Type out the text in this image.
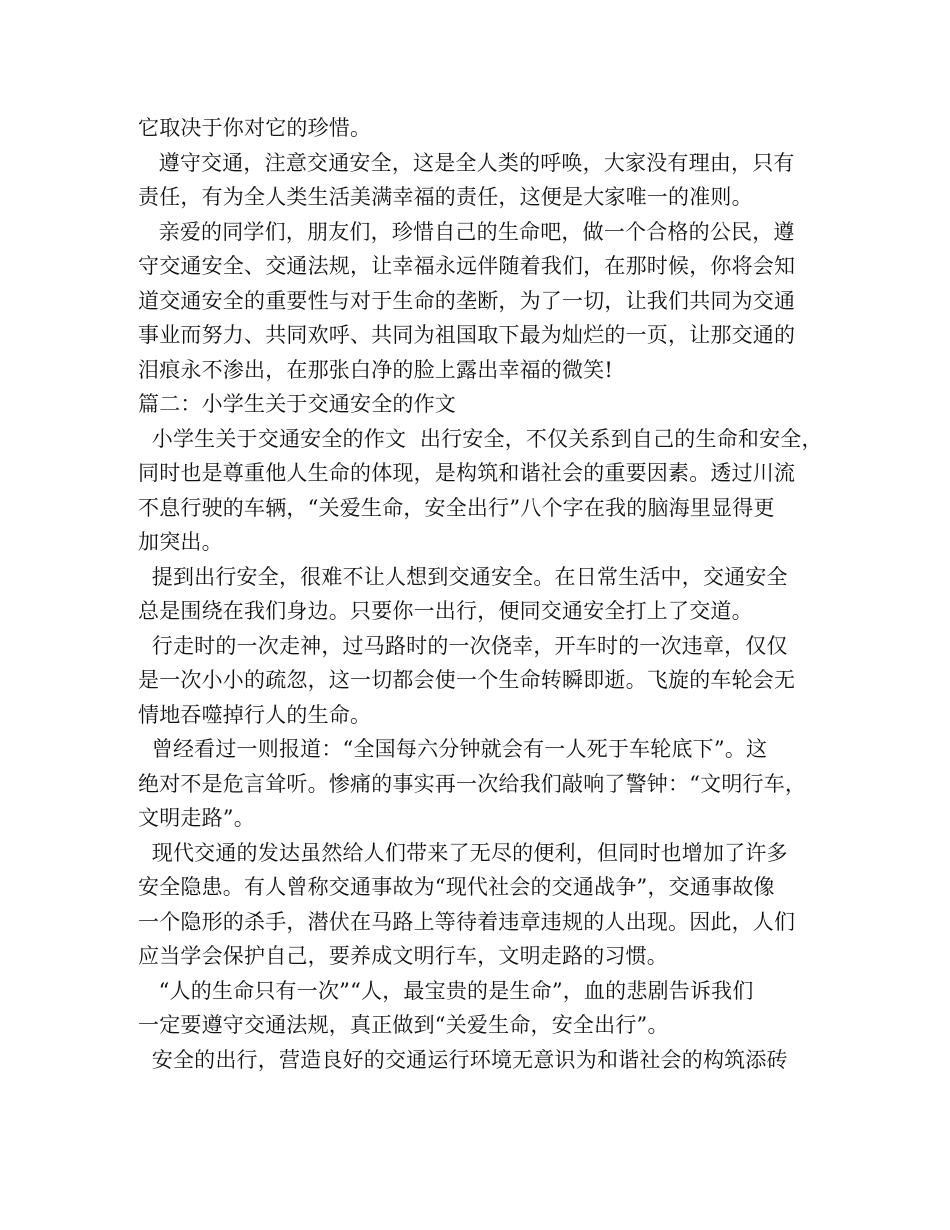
它取决于你对它的珍惜。
遵守交通，注意交通安全，这是全人类的呼唤，大家没有理由，只有
责任，有为全人类生活美满幸福的责任，这便是大家唯一的准则。
亲爱的同学们，朋友们，珍惜自己的生命吧，做一个合格的公民，遵
守交通安全、交通法规，让幸福永远伴随着我们，在那时候，你将会知
道交通安全的重要性与对于生命的垄断，为了一切，让我们共同为交通
事业而努力、共同欢呼、共同为祖国取下最为灿烂的一页，让那交通的
泪痕永不渗出，在那张白净的脸上露出幸福的微笑!
篇二：小学生关于交通安全的作文
小学生关于交通安全的作文  出行安全，不仅关系到自己的生命和安全，
同时也是尊重他人生命的体现，是构筑和谐社会的重要因素。透过川流
不息行驶的车辆，“关爱生命，安全出行”八个字在我的脑海里显得更
加突出。
提到出行安全，很难不让人想到交通安全。在日常生活中，交通安全
总是围绕在我们身边。只要你一出行，便同交通安全打上了交道。
行走时的一次走神，过马路时的一次侥幸，开车时的一次违章，仅仅
是一次小小的疏忽，这一切都会使一个生命转瞬即逝。飞旋的车轮会无
情地吞噬掉行人的生命。
曾经看过一则报道：“全国每六分钟就会有一人死于车轮底下”。这
绝对不是危言耸听。惨痛的事实再一次给我们敲响了警钟：“文明行车，
文明走路”。
现代交通的发达虽然给人们带来了无尽的便利，但同时也增加了许多
安全隐患。有人曾称交通事故为“现代社会的交通战争”，交通事故像
一个隐形的杀手，潜伏在马路上等待着违章违规的人出现。因此，人们
应当学会保护自己，要养成文明行车，文明走路的习惯。
“人的生命只有一次”“人，最宝贵的是生命”，血的悲剧告诉我们
一定要遵守交通法规，真正做到“关爱生命，安全出行”。
安全的出行，营造良好的交通运行环境无意识为和谐社会的构筑添砖
